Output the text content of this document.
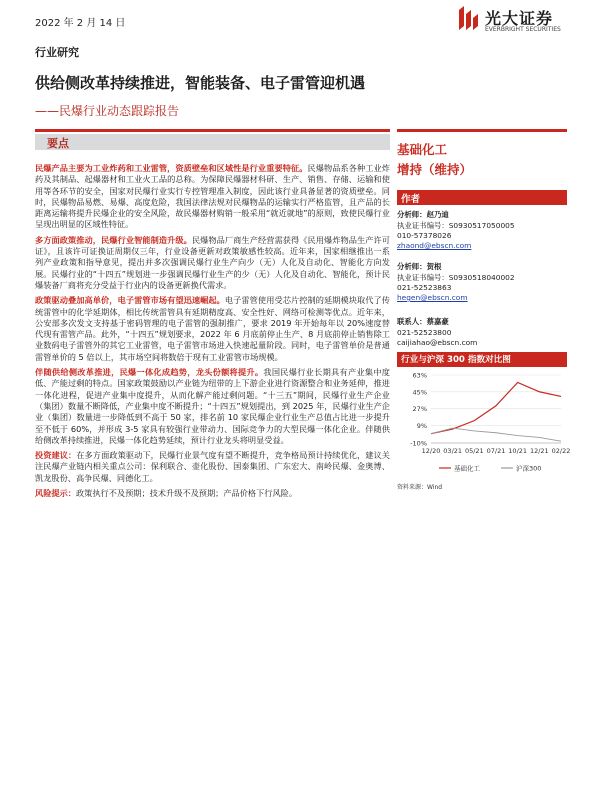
2022 年 2 月 14 日	光大证券
EVERBRIGHT SECURITIES
行业研究
供给侧改革持续推进，智能装备、电子雷管迎机遇
——民爆行业动态跟踪报告
要点
民爆产品主要为工业炸药和工业雷管，资质壁垒和区域性是行业重要特征。民爆物品系各种工业炸药及其制品、起爆器材和工业火工品的总称。为保障民爆器材科研、生产、销售、存储、运输和使用等各环节的安全，国家对民爆行业实行专控管理准入制度，因此该行业具备显著的资质壁垒。同时，民爆物品易燃、易爆、高度危险，我国法律法规对民爆物品的运输实行严格监管，且产品的长距离运输将提升民爆企业的安全风险，故民爆器材购销一般采用“就近就地”的原则，致使民爆行业呈现出明显的区域性特征。
多方面政策推动，民爆行业智能制造升级。民爆物品厂商生产经营需获得《民用爆炸物品生产许可证》，且该许可证换证周期仅三年，行业设备更新对政策敏感性较高。近年来，国家相继推出一系列产业政策和指导意见，提出并多次强调民爆行业生产向少（无）人化及自动化、智能化方向发展。民爆行业的“十四五”规划进一步强调民爆行业生产的少（无）人化及自动化、智能化，预计民爆装备厂商将充分受益于行业内的设备更新换代需求。
政策驱动叠加高单价，电子雷管市场有望迅速崛起。电子雷管使用受芯片控制的延期模块取代了传统雷管中的化学延期体，相比传统雷管具有延期精度高、安全性好、网络可检测等优点。近年来，公安部多次发文支持基于密码管理的电子雷管的强制推广，要求 2019 年开始每年以 20%速度替代现有雷管产品。此外，“十四五”规划要求，2022 年 6 月底前停止生产、8 月底前停止销售除工业数码电子雷管外的其它工业雷管，电子雷管市场进入快速起量阶段。同时，电子雷管单价是普通雷管单价的 5 倍以上，其市场空间将数倍于现有工业雷管市场规模。
伴随供给侧改革推进，民爆一体化成趋势，龙头份额将提升。我国民爆行业长期具有产业集中度低、产能过剩的特点。国家政策鼓励以产业链为纽带的上下游企业进行资源整合和业务延伸，推进一体化进程，促进产业集中度提升，从而化解产能过剩问题。“十三五”期间，民爆行业生产企业（集团）数量不断降低，产业集中度不断提升；“十四五”规划提出，到 2025 年，民爆行业生产企业（集团）数量进一步降低到不高于 50 家，排名前 10 家民爆企业行业生产总值占比进一步提升至不低于 60%，并形成 3-5 家具有较强行业带动力、国际竞争力的大型民爆一体化企业。伴随供给侧改革持续推进，民爆一体化趋势延续，预计行业龙头将明显受益。
投资建议：在多方面政策驱动下，民爆行业景气度有望不断提升，竞争格局预计持续优化，建议关注民爆产业链内相关重点公司：保利联合、壶化股份、国泰集团、广东宏大、南岭民爆、金奥博、凯龙股份、高争民爆、同德化工。
风险提示：政策执行不及预期；技术升级不及预期；产品价格下行风险。
基础化工
增持（维持）
作者
分析师：赵乃迪
执业证书编号：S0930517050005
010-57378026
zhaond@ebscn.com
分析师：贺根
执业证书编号：S0930518040002
021-52523863
hegen@ebscn.com
联系人：蔡嘉豪
021-52523800
caijiahao@ebscn.com
行业与沪深 300 指数对比图
63%
45%
27%
9%
-10%
12/20 03/21 05/21 07/21 10/21 12/21 02/22
基础化工	沪深300
资料来源：Wind
